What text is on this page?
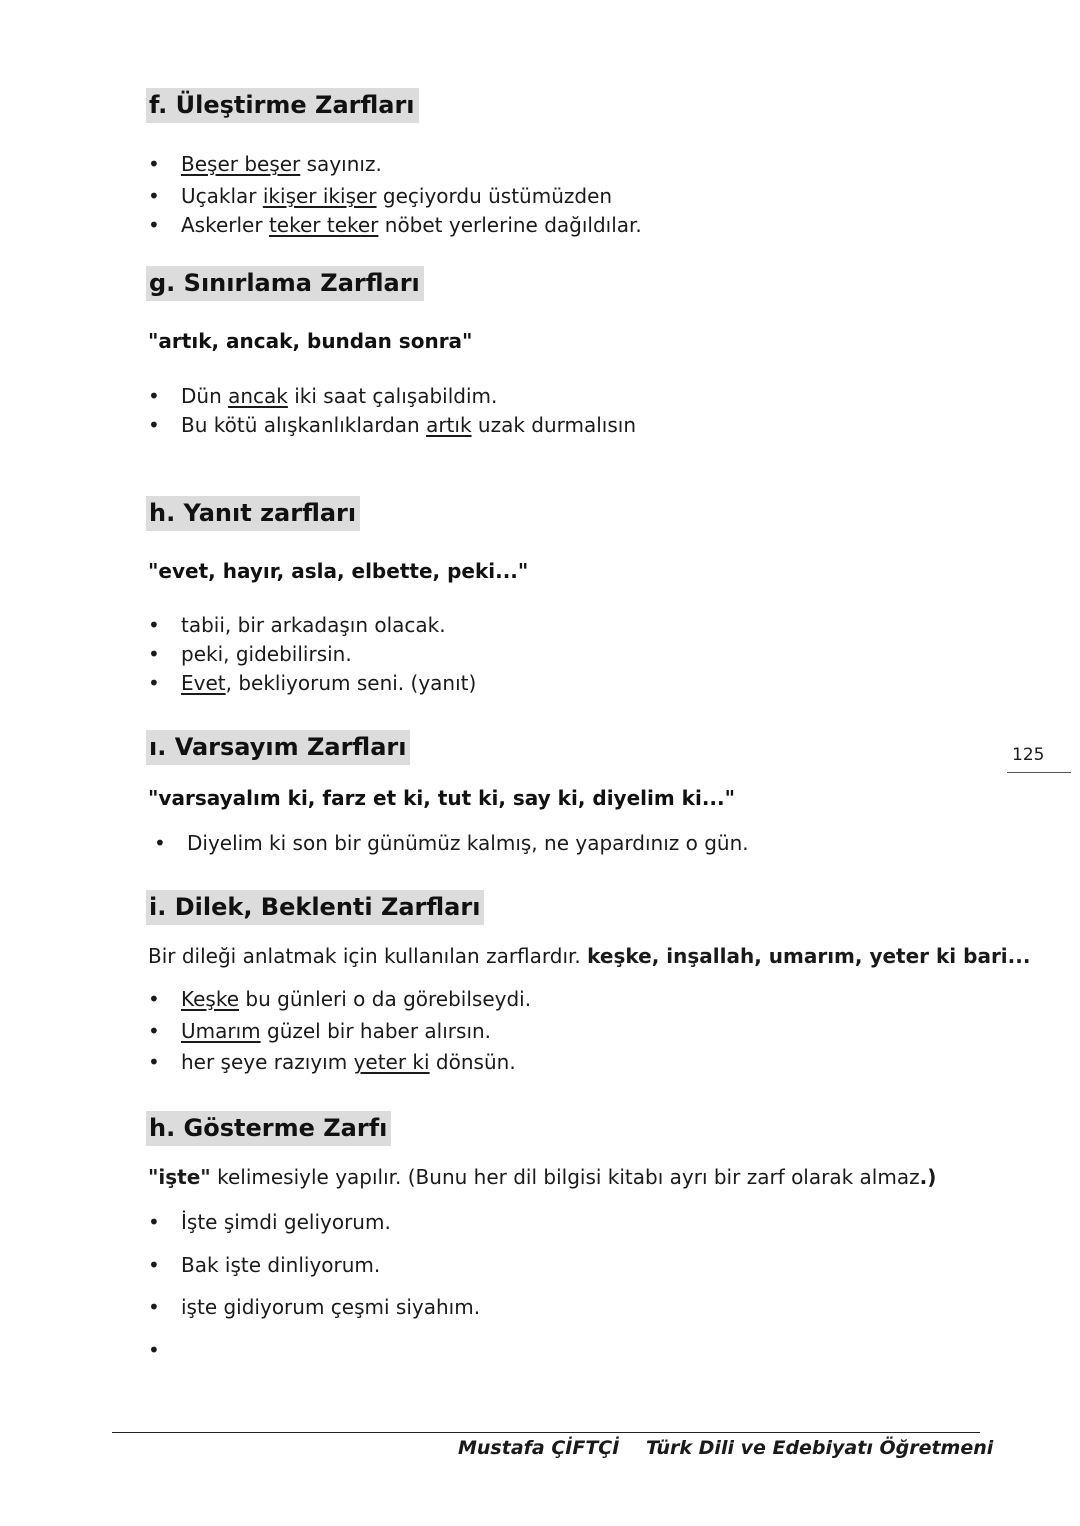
f. Üleştirme Zarfları
•	Beşer beşer sayınız.
•	Uçaklar ikişer ikişer geçiyordu üstümüzden
•	Askerler teker teker nöbet yerlerine dağıldılar.
g. Sınırlama Zarfları
"artık, ancak, bundan sonra"
•	Dün ancak iki saat çalışabildim.
•	Bu kötü alışkanlıklardan artık uzak durmalısın
h. Yanıt zarfları
"evet, hayır, asla, elbette, peki..."
•	tabii, bir arkadaşın olacak.
•	peki, gidebilirsin.
•	Evet, bekliyorum seni. (yanıt)
ı. Varsayım Zarfları
"varsayalım ki, farz et ki, tut ki, say ki, diyelim ki..."
•	Diyelim ki son bir günümüz kalmış, ne yapardınız o gün.
i. Dilek, Beklenti Zarfları
Bir dileği anlatmak için kullanılan zarflardır. keşke, inşallah, umarım, yeter ki bari...
•	Keşke bu günleri o da görebilseydi.
•	Umarım güzel bir haber alırsın.
•	her şeye razıyım yeter ki dönsün.
h. Gösterme Zarfı
"işte" kelimesiyle yapılır. (Bunu her dil bilgisi kitabı ayrı bir zarf olarak almaz.)
•	İşte şimdi geliyorum.
•	Bak işte dinliyorum.
•	işte gidiyorum çeşmi siyahım.
•
125
Mustafa ÇİFTÇİ Türk Dili ve Edebiyatı Öğretmeni
